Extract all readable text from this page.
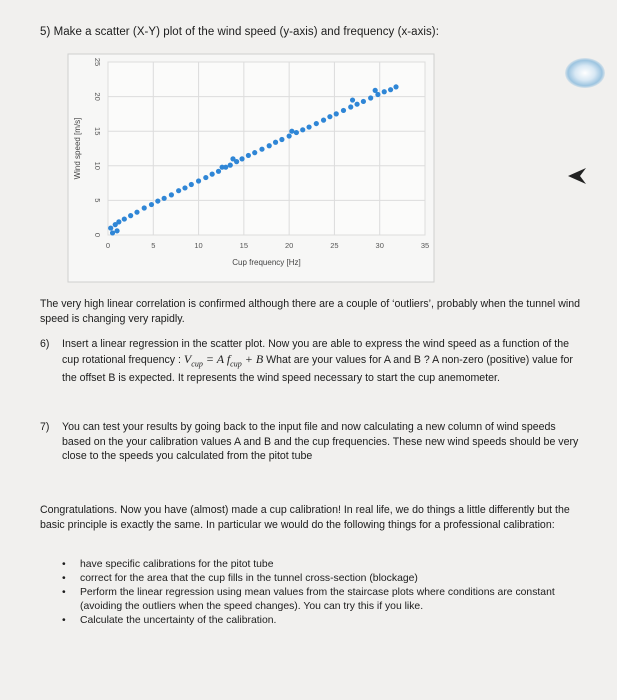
5) Make a scatter (X-Y) plot of the wind speed (y-axis) and frequency (x-axis):
0	5	10	15	20	25	30	35
0
5
10
15
20
25
Cup frequency [Hz]
Wind speed [m/s]
The very high linear correlation is confirmed although there are a couple of ‘outliers’, probably when the tunnel wind speed is changing very rapidly.
6)	Insert a linear regression in the scatter plot. Now you are able to express the wind speed as a function of the cup rotational frequency : $V_{cup} = A$ $f_{cup} + B$ What are your values for A and B ? A non-zero (positive) value for the offset B is expected. It represents the wind speed necessary to start the cup anemometer.
7)	You can test your results by going back to the input file and now calculating a new column of wind speeds based on the your calibration values A and B and the cup frequencies. These new wind speeds should be very close to the speeds you calculated from the pitot tube
Congratulations. Now you have (almost) made a cup calibration! In real life, we do things a little differently but the basic principle is exactly the same. In particular we would do the following things for a professional calibration:
• have specific calibrations for the pitot tube
• correct for the area that the cup fills in the tunnel cross-section (blockage)
• Perform the linear regression using mean values from the staircase plots where conditions are constant (avoiding the outliers when the speed changes). You can try this if you like.
• Calculate the uncertainty of the calibration.
